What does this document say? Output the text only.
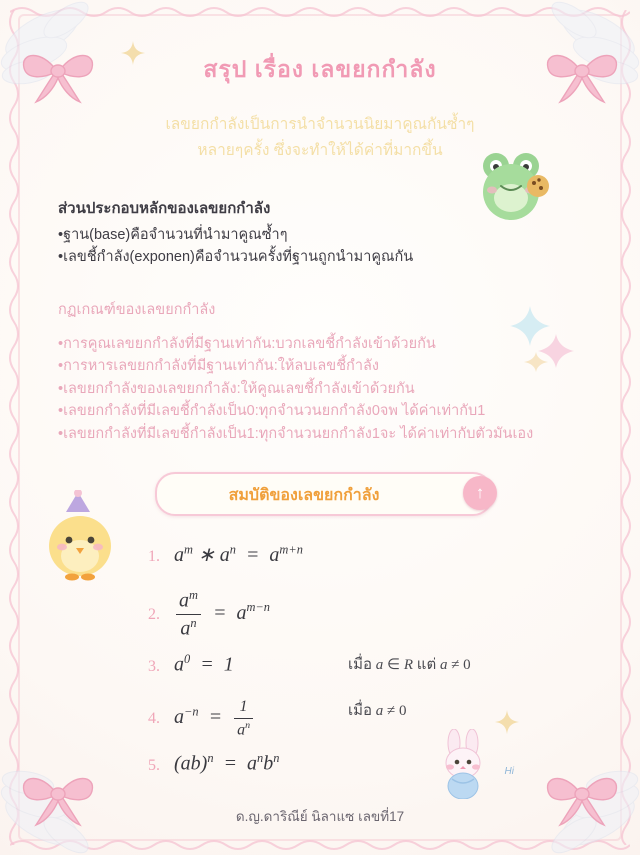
Hi
สรุป เรื่อง เลขยกกำลัง
เลขยกกำลังเป็นการนำจำนวนนิยมาคูณกันซ้ำๆ
หลายๆครั้ง ซึ่งจะทำให้ได้ค่าที่มากขึ้น
ส่วนประกอบหลักของเลขยกกำลัง
•ฐาน(base)คือจำนวนที่นำมาคูณซ้ำๆ
•เลขชี้กำลัง(exponen)คือจำนวนครั้งที่ฐานถูกนำมาคูณกัน
กฏเกณฑ์ของเลขยกกำลัง
•การคูณเลขยกกำลังที่มีฐานเท่ากัน:บวกเลขชี้กำลังเข้าด้วยกัน
•การหารเลขยกกำลังที่มีฐานเท่ากัน:ให้ลบเลขชี้กำลัง
•เลขยกกำลังของเลขยกกำลัง:ให้คูณเลขชี้กำลังเข้าด้วยกัน
•เลขยกกำลังที่มีเลขชี้กำลังเป็น0:ทุกจำนวนยกกำลัง0จพ ได้ค่าเท่ากับ1
•เลขยกกำลังที่มีเลขชี้กำลังเป็น1:ทุกจำนวนยกกำลัง1จะ ได้ค่าเท่ากับตัวมันเอง
สมบัติของเลขยกกำลัง	↑
1. $a^m$ ∗ $a^n = a^{m+n}$
2. $\frac{a^m}{a^n} = a^{m-n}$
3. $a^0 = 1$	เมื่อ a ∈ R แต่ a ≠ 0
4. $a^{-n} = \frac{1}{a^n}$	เมื่อ a ≠ 0
5. $(ab)^n = a^nb^n$
ด.ญ.ดาริณีย์ นิลาแซ เลขที่17
